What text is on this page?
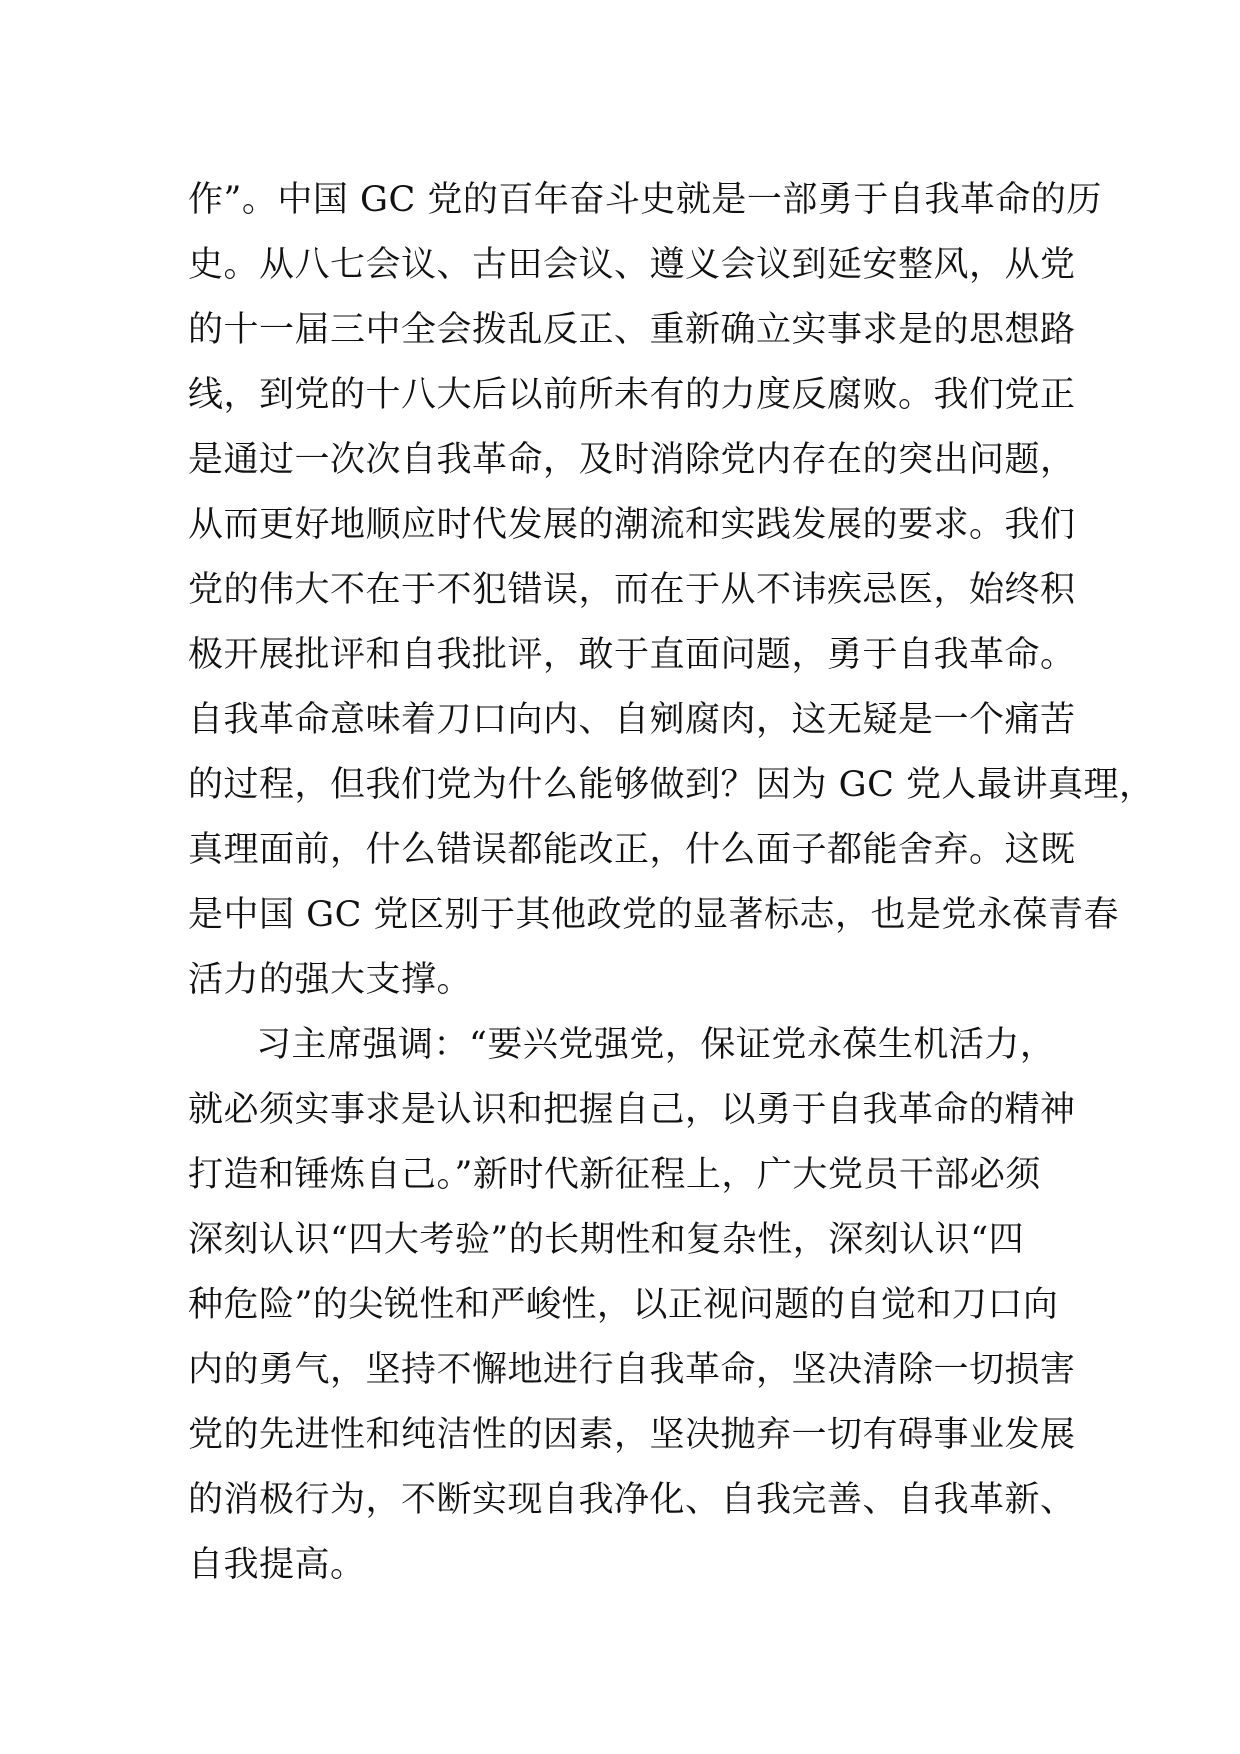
作”。中国 GC 党的百年奋斗史就是一部勇于自我革命的历
史。从八七会议、古田会议、遵义会议到延安整风，从党
的十一届三中全会拨乱反正、重新确立实事求是的思想路
线，到党的十八大后以前所未有的力度反腐败。我们党正
是通过一次次自我革命，及时消除党内存在的突出问题，
从而更好地顺应时代发展的潮流和实践发展的要求。我们
党的伟大不在于不犯错误，而在于从不讳疾忌医，始终积
极开展批评和自我批评，敢于直面问题，勇于自我革命。
自我革命意味着刀口向内、自剜腐肉，这无疑是一个痛苦
的过程，但我们党为什么能够做到？因为 GC 党人最讲真理，
真理面前，什么错误都能改正，什么面子都能舍弃。这既
是中国 GC 党区别于其他政党的显著标志，也是党永葆青春
活力的强大支撑。
习主席强调：“要兴党强党，保证党永葆生机活力，
就必须实事求是认识和把握自己，以勇于自我革命的精神
打造和锤炼自己。”新时代新征程上，广大党员干部必须
深刻认识“四大考验”的长期性和复杂性，深刻认识“四
种危险”的尖锐性和严峻性，以正视问题的自觉和刀口向
内的勇气，坚持不懈地进行自我革命，坚决清除一切损害
党的先进性和纯洁性的因素，坚决抛弃一切有碍事业发展
的消极行为，不断实现自我净化、自我完善、自我革新、
自我提高。
